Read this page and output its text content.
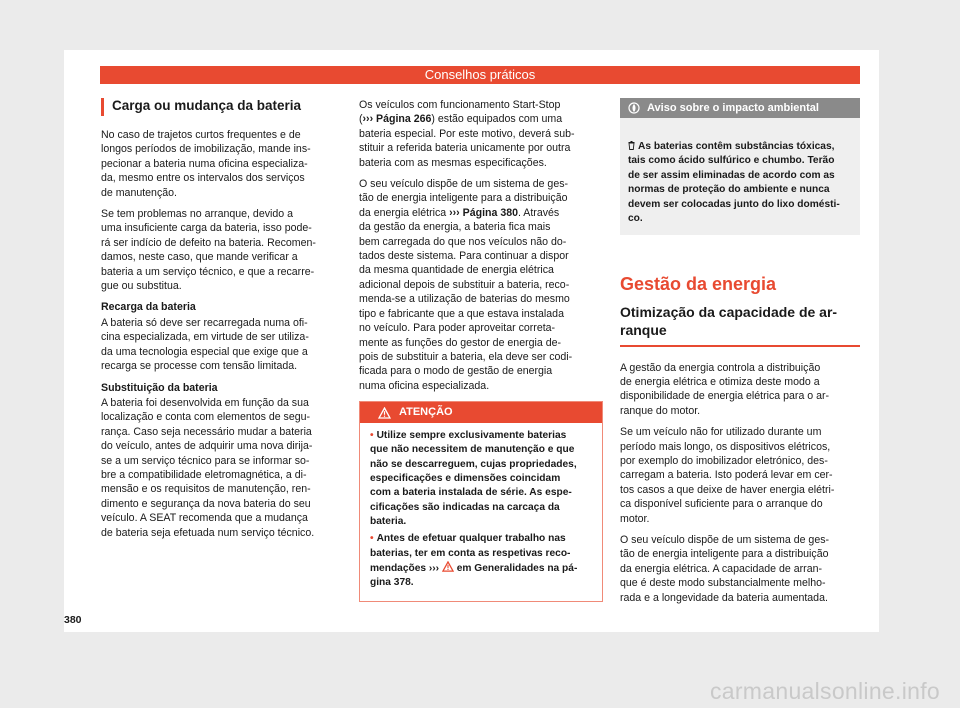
Conselhos práticos
Carga ou mudança da bateria

No caso de trajetos curtos frequentes e de
longos períodos de imobilização, mande ins-
pecionar a bateria numa oficina especializa-
da, mesmo entre os intervalos dos serviços
de manutenção.

Se tem problemas no arranque, devido a
uma insuficiente carga da bateria, isso pode-
rá ser indício de defeito na bateria. Recomen-
damos, neste caso, que mande verificar a
bateria a um serviço técnico, e que a recarre-
gue ou substitua.

Recarga da bateria

A bateria só deve ser recarregada numa ofi-
cina especializada, em virtude de ser utiliza-
da uma tecnologia especial que exige que a
recarga se processe com tensão limitada.

Substituição da bateria

A bateria foi desenvolvida em função da sua
localização e conta com elementos de segu-
rança. Caso seja necessário mudar a bateria
do veículo, antes de adquirir uma nova dirija-
se a um serviço técnico para se informar so-
bre a compatibilidade eletromagnética, a di-
mensão e os requisitos de manutenção, ren-
dimento e segurança da nova bateria do seu
veículo. A SEAT recomenda que a mudança
de bateria seja efetuada num serviço técnico.

Os veículos com funcionamento Start-Stop
(››› Página 266) estão equipados com uma
bateria especial. Por este motivo, deverá sub-
stituir a referida bateria unicamente por outra
bateria com as mesmas especificações.

O seu veículo dispõe de um sistema de ges-
tão de energia inteligente para a distribuição
da energia elétrica ››› Página 380. Através
da gestão da energia, a bateria fica mais
bem carregada do que nos veículos não do-
tados deste sistema. Para continuar a dispor
da mesma quantidade de energia elétrica
adicional depois de substituir a bateria, reco-
menda-se a utilização de baterias do mesmo
tipo e fabricante que a que estava instalada
no veículo. Para poder aproveitar correta-
mente as funções do gestor de energia de-
pois de substituir a bateria, ela deve ser codi-
ficada para o modo de gestão de energia
numa oficina especializada.

ATENÇÃO
• Utilize sempre exclusivamente baterias
que não necessitem de manutenção e que
não se descarreguem, cujas propriedades,
especificações e dimensões coincidam
com a bateria instalada de série. As espe-
cificações são indicadas na carcaça da
bateria.
• Antes de efetuar qualquer trabalho nas
baterias, ter em conta as respetivas reco-
mendações ›››  em Generalidades na pá-
gina 378.
Aviso sobre o impacto ambiental

As baterias contêm substâncias tóxicas,
tais como ácido sulfúrico e chumbo. Terão
de ser assim eliminadas de acordo com as
normas de proteção do ambiente e nunca
devem ser colocadas junto do lixo domésti-
co.

Gestão da energia
Otimização da capacidade de ar-
ranque

A gestão da energia controla a distribuição
de energia elétrica e otimiza deste modo a
disponibilidade de energia elétrica para o ar-
ranque do motor.

Se um veículo não for utilizado durante um
período mais longo, os dispositivos elétricos,
por exemplo do imobilizador eletrónico, des-
carregam a bateria. Isto poderá levar em cer-
tos casos a que deixe de haver energia elétri-
ca disponível suficiente para o arranque do
motor.

O seu veículo dispõe de um sistema de ges-
tão de energia inteligente para a distribuição
da energia elétrica. A capacidade de arran-
que é deste modo substancialmente melho-
rada e a longevidade da bateria aumentada.

380
carmanualsonline.info
